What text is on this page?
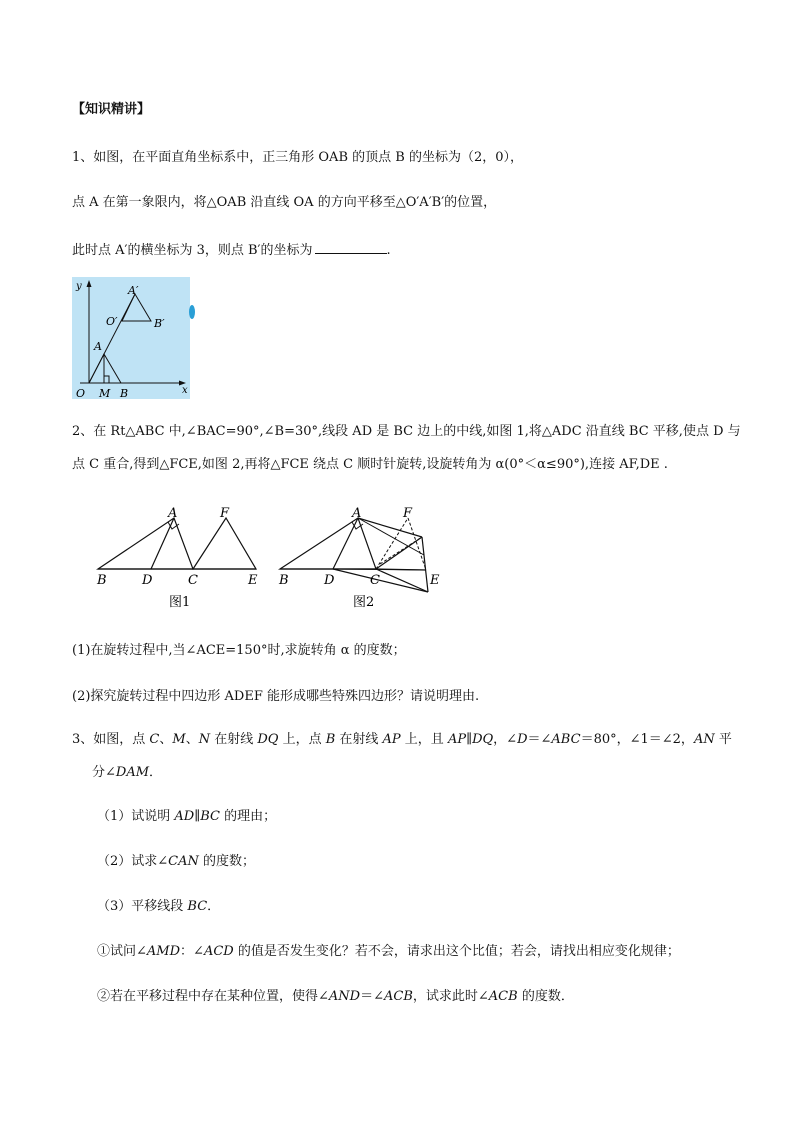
【知识精讲】
1、如图，在平面直角坐标系中，正三角形 OAB 的顶点 B 的坐标为（2，0），
点 A 在第一象限内，将△OAB 沿直线 OA 的方向平移至△O′A′B′的位置，
此时点 A′的横坐标为 3，则点 B′的坐标为	.
y
x
O M B
A
O′
A′
B′
2、在 Rt△ABC 中,∠BAC=90°,∠B=30°,线段 AD 是 BC 边上的中线,如图 1,将△ADC 沿直线 BC 平移,使点 D 与
点 C 重合,得到△FCE,如图 2,再将△FCE 绕点 C 顺时针旋转,设旋转角为 α(0°＜α≤90°),连接 AF,DE .
A	F
B	D	C	E
图1
A	F
B	D	C	E
图2
(1)在旋转过程中,当∠ACE=150°时,求旋转角 α 的度数；
(2)探究旋转过程中四边形 ADEF 能形成哪些特殊四边形？请说明理由.
3、如图，点 C、M、N 在射线 DQ 上，点 B 在射线 AP 上，且 AP∥DQ，∠D＝∠ABC＝80°，∠1＝∠2，AN 平
分∠DAM．
（1）试说明 AD∥BC 的理由；
（2）试求∠CAN 的度数；
（3）平移线段 BC．
①试问∠AMD：∠ACD 的值是否发生变化？若不会，请求出这个比值；若会，请找出相应变化规律；
②若在平移过程中存在某种位置，使得∠AND＝∠ACB，试求此时∠ACB 的度数．
